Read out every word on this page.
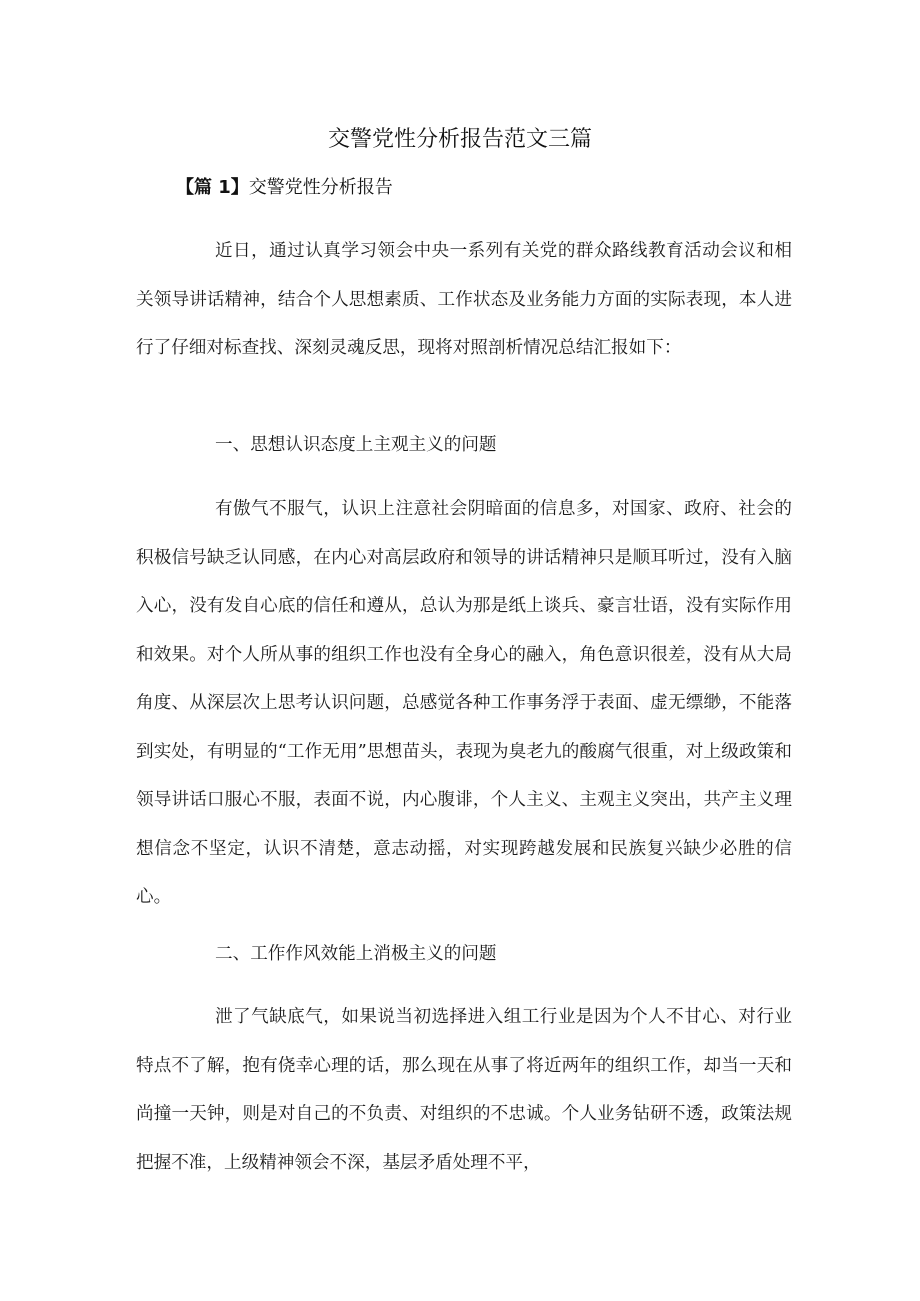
交警党性分析报告范文三篇
【篇 1】交警党性分析报告

近日，通过认真学习领会中央一系列有关党的群众路线教育活动会议和相关领导讲话精神，结合个人思想素质、工作状态及业务能力方面的实际表现，本人进行了仔细对标查找、深刻灵魂反思，现将对照剖析情况总结汇报如下：

一、思想认识态度上主观主义的问题

有傲气不服气，认识上注意社会阴暗面的信息多，对国家、政府、社会的积极信号缺乏认同感，在内心对高层政府和领导的讲话精神只是顺耳听过，没有入脑入心，没有发自心底的信任和遵从，总认为那是纸上谈兵、豪言壮语，没有实际作用和效果。对个人所从事的组织工作也没有全身心的融入，角色意识很差，没有从大局角度、从深层次上思考认识问题，总感觉各种工作事务浮于表面、虚无缥缈，不能落到实处，有明显的“工作无用”思想苗头，表现为臭老九的酸腐气很重，对上级政策和领导讲话口服心不服，表面不说，内心腹诽，个人主义、主观主义突出，共产主义理想信念不坚定，认识不清楚，意志动摇，对实现跨越发展和民族复兴缺少必胜的信心。

二、工作作风效能上消极主义的问题

泄了气缺底气，如果说当初选择进入组工行业是因为个人不甘心、对行业特点不了解，抱有侥幸心理的话，那么现在从事了将近两年的组织工作，却当一天和尚撞一天钟，则是对自己的不负责、对组织的不忠诚。个人业务钻研不透，政策法规把握不准，上级精神领会不深，基层矛盾处理不平，
